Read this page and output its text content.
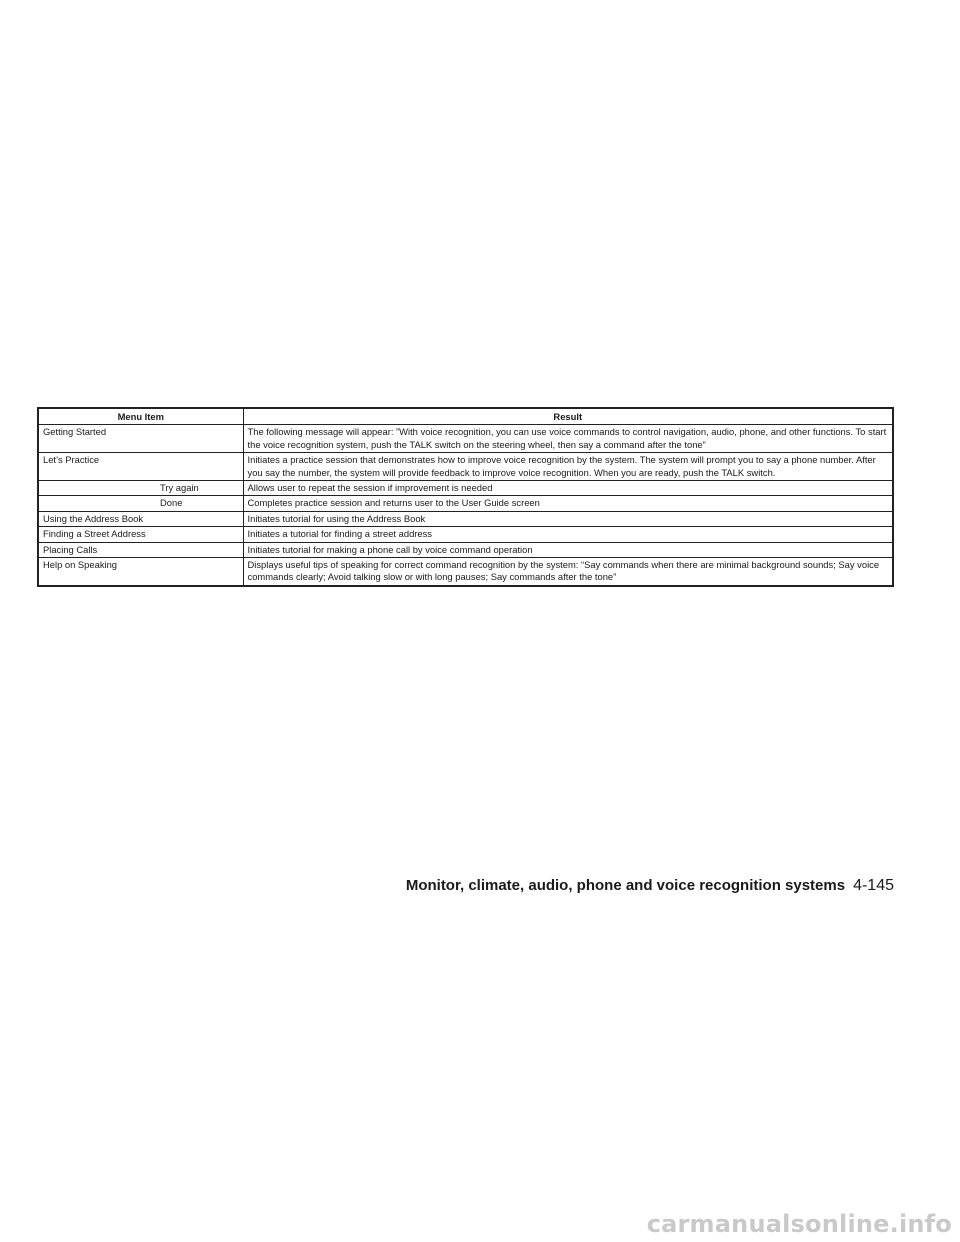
Menu Item		Result
Getting Started		The following message will appear: ”With voice recognition, you can use voice commands to control navigation, audio, phone, and other functions. To start the voice recognition system, push the TALK switch on the steering wheel, then say a command after the tone”
Let’s Practice		Initiates a practice session that demonstrates how to improve voice recognition by the system. The system will prompt you to say a phone number. After you say the number, the system will provide feedback to improve voice recognition. When you are ready, push the TALK switch.
	Try again	Allows user to repeat the session if improvement is needed
	Done	Completes practice session and returns user to the User Guide screen
Using the Address Book		Initiates tutorial for using the Address Book
Finding a Street Address		Initiates a tutorial for finding a street address
Placing Calls		Initiates tutorial for making a phone call by voice command operation
Help on Speaking		Displays useful tips of speaking for correct command recognition by the system: “Say commands when there are minimal background sounds; Say voice commands clearly; Avoid talking slow or with long pauses; Say commands after the tone”
Monitor, climate, audio, phone and voice recognition systems 4-145
carmanualsonline.info
